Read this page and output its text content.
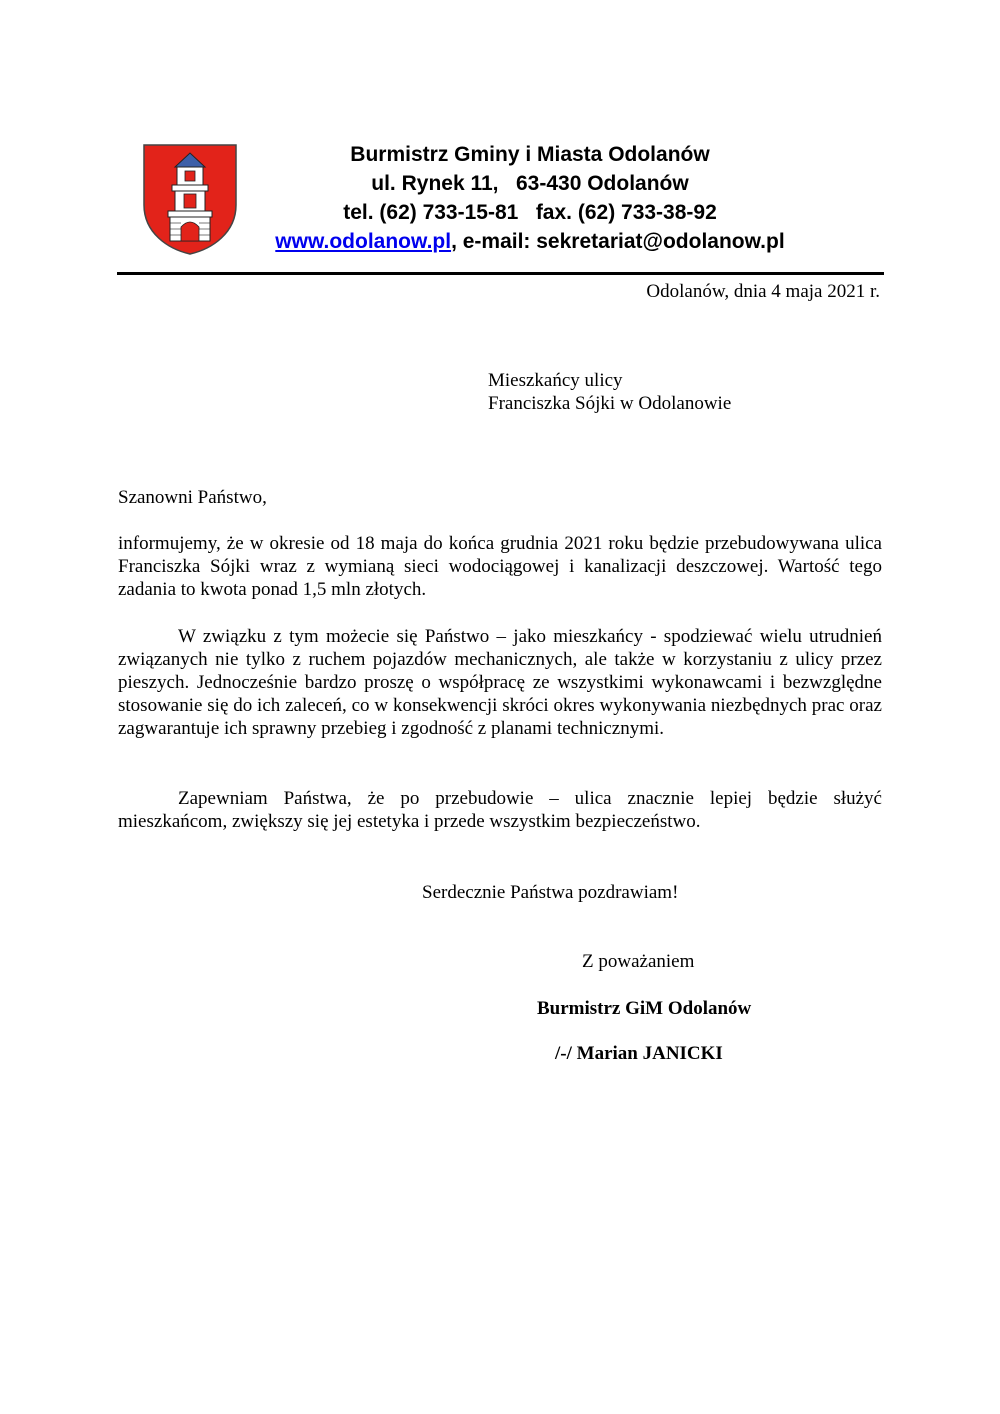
Burmistrz Gminy i Miasta Odolanów
ul. Rynek 11,   63-430 Odolanów
tel. (62) 733-15-81   fax. (62) 733-38-92
www.odolanow.pl, e-mail: sekretariat@odolanow.pl
Odolanów, dnia 4 maja 2021 r.
Mieszkańcy ulicy
Franciszka Sójki w Odolanowie
Szanowni Państwo,
informujemy, że w okresie od 18 maja do końca grudnia 2021 roku będzie przebudowywana ulica Franciszka Sójki wraz z wymianą sieci wodociągowej i kanalizacji deszczowej. Wartość tego zadania to kwota ponad 1,5 mln złotych.
W związku z tym możecie się Państwo – jako mieszkańcy - spodziewać wielu utrudnień związanych nie tylko z ruchem pojazdów mechanicznych, ale także w korzystaniu z ulicy przez pieszych. Jednocześnie bardzo proszę o współpracę ze wszystkimi wykonawcami i bezwzględne stosowanie się do ich zaleceń, co w konsekwencji skróci okres wykonywania niezbędnych prac oraz zagwarantuje ich sprawny przebieg i zgodność z planami technicznymi.
Zapewniam Państwa, że po przebudowie – ulica znacznie lepiej będzie służyć mieszkańcom, zwiększy się jej estetyka i przede wszystkim bezpieczeństwo.
Serdecznie Państwa pozdrawiam!
Z poważaniem
Burmistrz GiM Odolanów
/-/ Marian JANICKI
